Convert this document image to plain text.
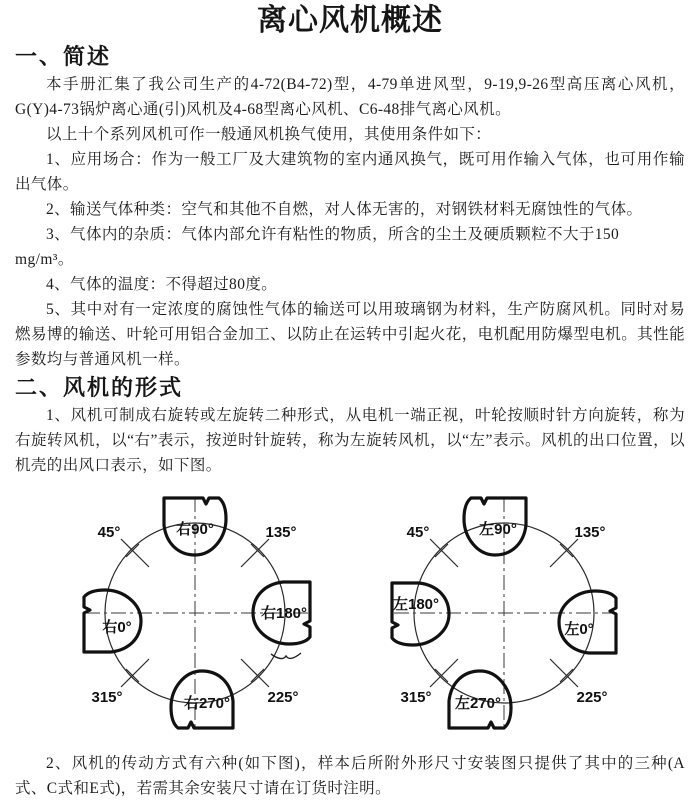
离心风机概述
一、简述

本手册汇集了我公司生产的4-72(B4-72)型，4-79单进风型，9-19,9-26型高压离心风机，G(Y)4-73锅炉离心通(引)风机及4-68型离心风机、C6-48排气离心风机。

以上十个系列风机可作一般通风机换气使用，其使用条件如下：

1、应用场合：作为一般工厂及大建筑物的室内通风换气，既可用作输入气体，也可用作输出气体。

2、输送气体种类：空气和其他不自燃，对人体无害的，对钢铁材料无腐蚀性的气体。

3、气体内的杂质：气体内部允许有粘性的物质，所含的尘土及硬质颗粒不大于150
mg/m³。

4、气体的温度：不得超过80度。

5、其中对有一定浓度的腐蚀性气体的输送可以用玻璃钢为材料，生产防腐风机。同时对易燃易博的输送、叶轮可用铝合金加工、以防止在运转中引起火花，电机配用防爆型电机。其性能参数均与普通风机一样。

二、风机的形式

1、风机可制成右旋转或左旋转二种形式，从电机一端正视，叶轮按顺时针方向旋转，称为右旋转风机，以“右”表示，按逆时针旋转，称为左旋转风机，以“左”表示。风机的出口位置，以机壳的出风口表示，如下图。

右90°
右180°
右270°
右0°
45°	135°
225°
315°
左90°
左180°
左0°
左270°
45°	135°
225°
315°

2、风机的传动方式有六种(如下图)，样本后所附外形尺寸安装图只提供了其中的三种(A式、C式和E式)，若需其余安装尺寸请在订货时注明。
